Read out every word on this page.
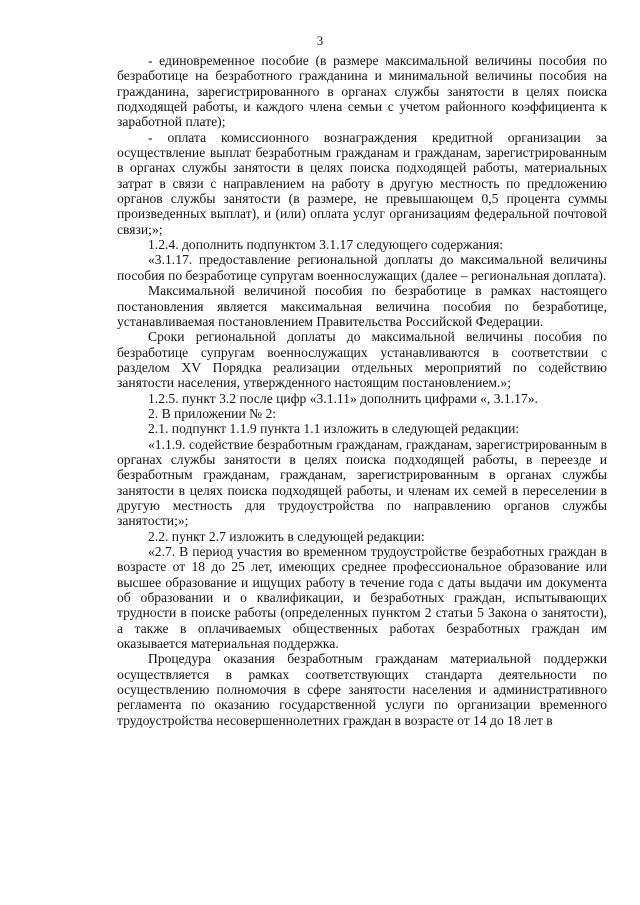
3

- единовременное пособие (в размере максимальной величины пособия по безработице на безработного гражданина и минимальной величины пособия на гражданина, зарегистрированного в органах службы занятости в целях поиска подходящей работы, и каждого члена семьи с учетом районного коэффициента к заработной плате);

- оплата комиссионного вознаграждения кредитной организации за осуществление выплат безработным гражданам и гражданам, зарегистрированным в органах службы занятости в целях поиска подходящей работы, материальных затрат в связи с направлением на работу в другую местность по предложению органов службы занятости (в размере, не превышающем 0,5 процента суммы произведенных выплат), и (или) оплата услуг организациям федеральной почтовой связи;»;

1.2.4. дополнить подпунктом 3.1.17 следующего содержания:

«3.1.17. предоставление региональной доплаты до максимальной величины пособия по безработице супругам военнослужащих (далее – региональная доплата).

Максимальной величиной пособия по безработице в рамках настоящего постановления является максимальная величина пособия по безработице, устанавливаемая постановлением Правительства Российской Федерации.

Сроки региональной доплаты до максимальной величины пособия по безработице супругам военнослужащих устанавливаются в соответствии с разделом XV Порядка реализации отдельных мероприятий по содействию занятости населения, утвержденного настоящим постановлением.»;

1.2.5. пункт 3.2 после цифр «3.1.11» дополнить цифрами «, 3.1.17».

2. В приложении № 2:

2.1. подпункт 1.1.9 пункта 1.1 изложить в следующей редакции:

«1.1.9. содействие безработным гражданам, гражданам, зарегистрированным в органах службы занятости в целях поиска подходящей работы, в переезде и безработным гражданам, гражданам, зарегистрированным в органах службы занятости в целях поиска подходящей работы, и членам их семей в переселении в другую местность для трудоустройства по направлению органов службы занятости;»;

2.2. пункт 2.7 изложить в следующей редакции:

«2.7. В период участия во временном трудоустройстве безработных граждан в возрасте от 18 до 25 лет, имеющих среднее профессиональное образование или высшее образование и ищущих работу в течение года с даты выдачи им документа об образовании и о квалификации, и безработных граждан, испытывающих трудности в поиске работы (определенных пунктом 2 статьи 5 Закона о занятости), а также в оплачиваемых общественных работах безработных граждан им оказывается материальная поддержка.

Процедура оказания безработным гражданам материальной поддержки осуществляется в рамках соответствующих стандарта деятельности по осуществлению полномочия в сфере занятости населения и административного регламента по оказанию государственной услуги по организации временного трудоустройства несовершеннолетних граждан в возрасте от 14 до 18 лет в
